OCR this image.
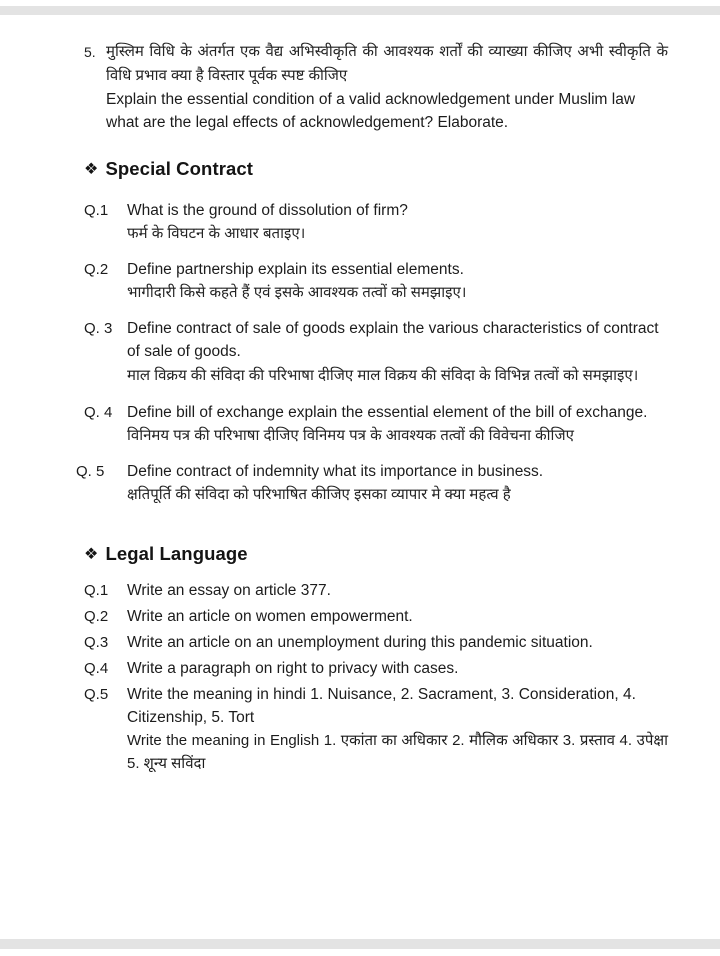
5. मुस्लिम विधि के अंतर्गत एक वैद्य अभिस्वीकृति की आवश्यक शर्तों की व्याख्या कीजिए अभी स्वीकृति के विधि प्रभाव क्या है विस्तार पूर्वक स्पष्ट कीजिए
Explain the essential condition of a valid acknowledgement under Muslim law what are the legal effects of acknowledgement? Elaborate.
❖ Special Contract
Q.1	What is the ground of dissolution of firm?
फर्म के विघटन के आधार बताइए।
Q.2	Define partnership explain its essential elements.
भागीदारी किसे कहते हैं एवं इसके आवश्यक तत्वों को समझाइए।
Q. 3 Define contract of sale of goods explain the various characteristics of contract of sale of goods.
माल विक्रय की संविदा की परिभाषा दीजिए माल विक्रय की संविदा के विभिन्न तत्वों को समझाइए।
Q. 4 Define bill of exchange explain the essential element of the bill of exchange.
विनिमय पत्र की परिभाषा दीजिए विनिमय पत्र के आवश्यक तत्वों की विवेचना कीजिए
Q. 5	Define contract of indemnity what its importance in business.
क्षतिपूर्ति की संविदा को परिभाषित कीजिए इसका व्यापार मे क्या महत्व है
❖ Legal Language
Q.1	Write an essay on article 377.
Q.2	Write an article on women empowerment.
Q.3	Write an article on an unemployment during this pandemic situation.
Q.4	Write a paragraph on right to privacy with cases.
Q.5	Write the meaning in hindi 1. Nuisance, 2. Sacrament, 3. Consideration, 4. Citizenship, 5. Tort
Write the meaning in English 1. एकांता का अधिकार 2. मौलिक अधिकार 3. प्रस्ताव 4. उपेक्षा 5. शून्य सविंदा
